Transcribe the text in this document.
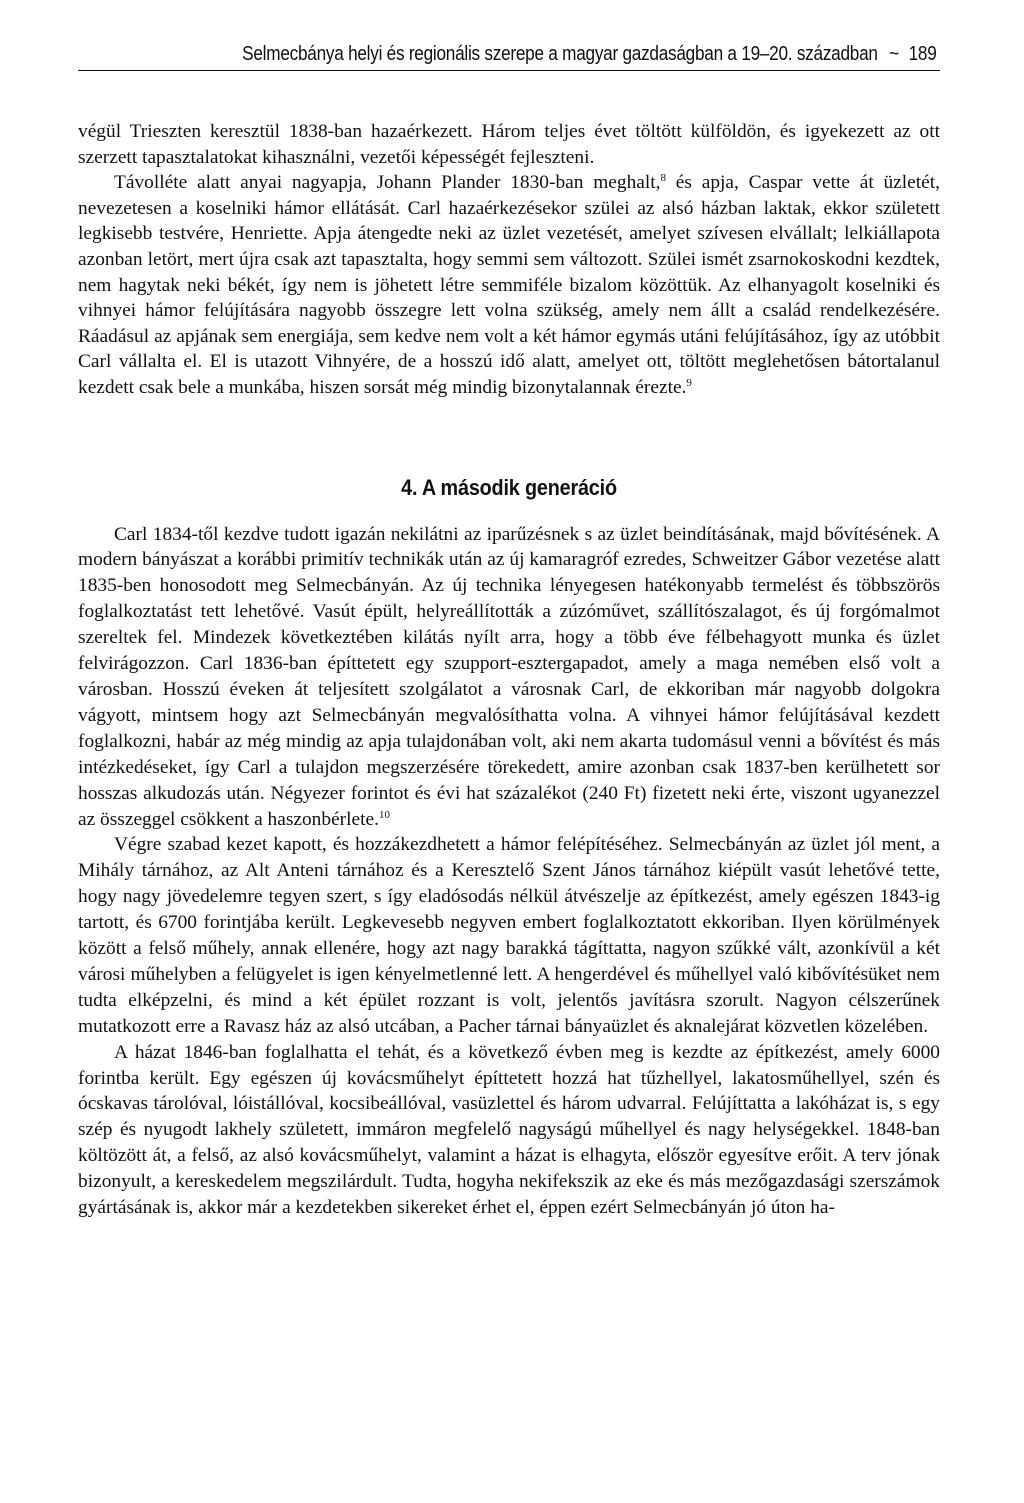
Selmecbánya helyi és regionális szerepe a magyar gazdaságban a 19–20. században ~ 189

végül Trieszten keresztül 1838-ban hazaérkezett. Három teljes évet töltött külföldön, és igyekezett az ott szerzett tapasztalatokat kihasználni, vezetői képességét fejleszteni.

Távolléte alatt anyai nagyapja, Johann Plander 1830-ban meghalt,$^8$ és apja, Caspar vette át üzletét, nevezetesen a koselniki hámor ellátását. Carl hazaérkezésekor szülei az alsó házban laktak, ekkor született legkisebb testvére, Henriette. Apja átengedte neki az üzlet vezetését, amelyet szívesen elvállalt; lelkiállapota azonban letört, mert újra csak azt tapasztalta, hogy semmi sem változott. Szülei ismét zsarnokoskodni kezdtek, nem hagytak neki békét, így nem is jöhetett létre semmiféle bizalom közöttük. Az elhanyagolt koselniki és vihnyei hámor felújítására nagyobb összegre lett volna szükség, amely nem állt a család rendelkezésére. Ráadásul az apjának sem energiája, sem kedve nem volt a két hámor egymás utáni felújításához, így az utóbbit Carl vállalta el. El is utazott Vihnyére, de a hosszú idő alatt, amelyet ott, töltött meglehetősen bátortalanul kezdett csak bele a munkába, hiszen sorsát még mindig bizonytalannak érezte.$^9$

4. A második generáció

Carl 1834-től kezdve tudott igazán nekilátni az iparűzésnek s az üzlet beindításának, majd bővítésének. A modern bányászat a korábbi primitív technikák után az új kamaragróf ezredes, Schweitzer Gábor vezetése alatt 1835-ben honosodott meg Selmecbányán. Az új technika lényegesen hatékonyabb termelést és többszörös foglalkoztatást tett lehetővé. Vasút épült, helyreállították a zúzóművet, szállítószalagot, és új forgómalmot szereltek fel. Mindezek következtében kilátás nyílt arra, hogy a több éve félbehagyott munka és üzlet felvirágozzon. Carl 1836-ban építtetett egy szupport-esztergapadot, amely a maga nemében első volt a városban. Hosszú éveken át teljesített szolgálatot a városnak Carl, de ekkoriban már nagyobb dolgokra vágyott, mintsem hogy azt Selmecbányán megvalósíthatta volna. A vihnyei hámor felújításával kezdett foglalkozni, habár az még mindig az apja tulajdonában volt, aki nem akarta tudomásul venni a bővítést és más intézkedéseket, így Carl a tulajdon megszerzésére törekedett, amire azonban csak 1837-ben kerülhetett sor hosszas alkudozás után. Négyezer forintot és évi hat százalékot (240 Ft) fizetett neki érte, viszont ugyanezzel az összeggel csökkent a haszonbérlete.$^{10}$

Végre szabad kezet kapott, és hozzákezdhetett a hámor felépítéséhez. Selmecbányán az üzlet jól ment, a Mihály tárnához, az Alt Anteni tárnához és a Keresztelő Szent János tárnához kiépült vasút lehetővé tette, hogy nagy jövedelemre tegyen szert, s így eladósodás nélkül átvészelje az építkezést, amely egészen 1843-ig tartott, és 6700 forintjába került. Legkevesebb negyven embert foglalkoztatott ekkoriban. Ilyen körülmények között a felső műhely, annak ellenére, hogy azt nagy barakká tágíttatta, nagyon szűkké vált, azonkívül a két városi műhelyben a felügyelet is igen kényelmetlenné lett. A hengerdével és műhellyel való kibővítésüket nem tudta elképzelni, és mind a két épület rozzant is volt, jelentős javításra szorult. Nagyon célszerűnek mutatkozott erre a Ravasz ház az alsó utcában, a Pacher tárnai bányaüzlet és aknalejárat közvetlen közelében.

A házat 1846-ban foglalhatta el tehát, és a következő évben meg is kezdte az építkezést, amely 6000 forintba került. Egy egészen új kovácsműhelyt építtetett hozzá hat tűzhellyel, lakatosműhellyel, szén és ócskavas tárolóval, lóistállóval, kocsibeállóval, vasüzlettel és három udvarral. Felújíttatta a lakóházat is, s egy szép és nyugodt lakhely született, immáron megfelelő nagyságú műhellyel és nagy helységekkel. 1848-ban költözött át, a felső, az alsó kovácsműhelyt, valamint a házat is elhagyta, először egyesítve erőit. A terv jónak bizonyult, a kereskedelem megszilárdult. Tudta, hogyha nekifekszik az eke és más mezőgazdasági szerszámok gyártásának is, akkor már a kezdetekben sikereket érhet el, éppen ezért Selmecbányán jó úton ha-
